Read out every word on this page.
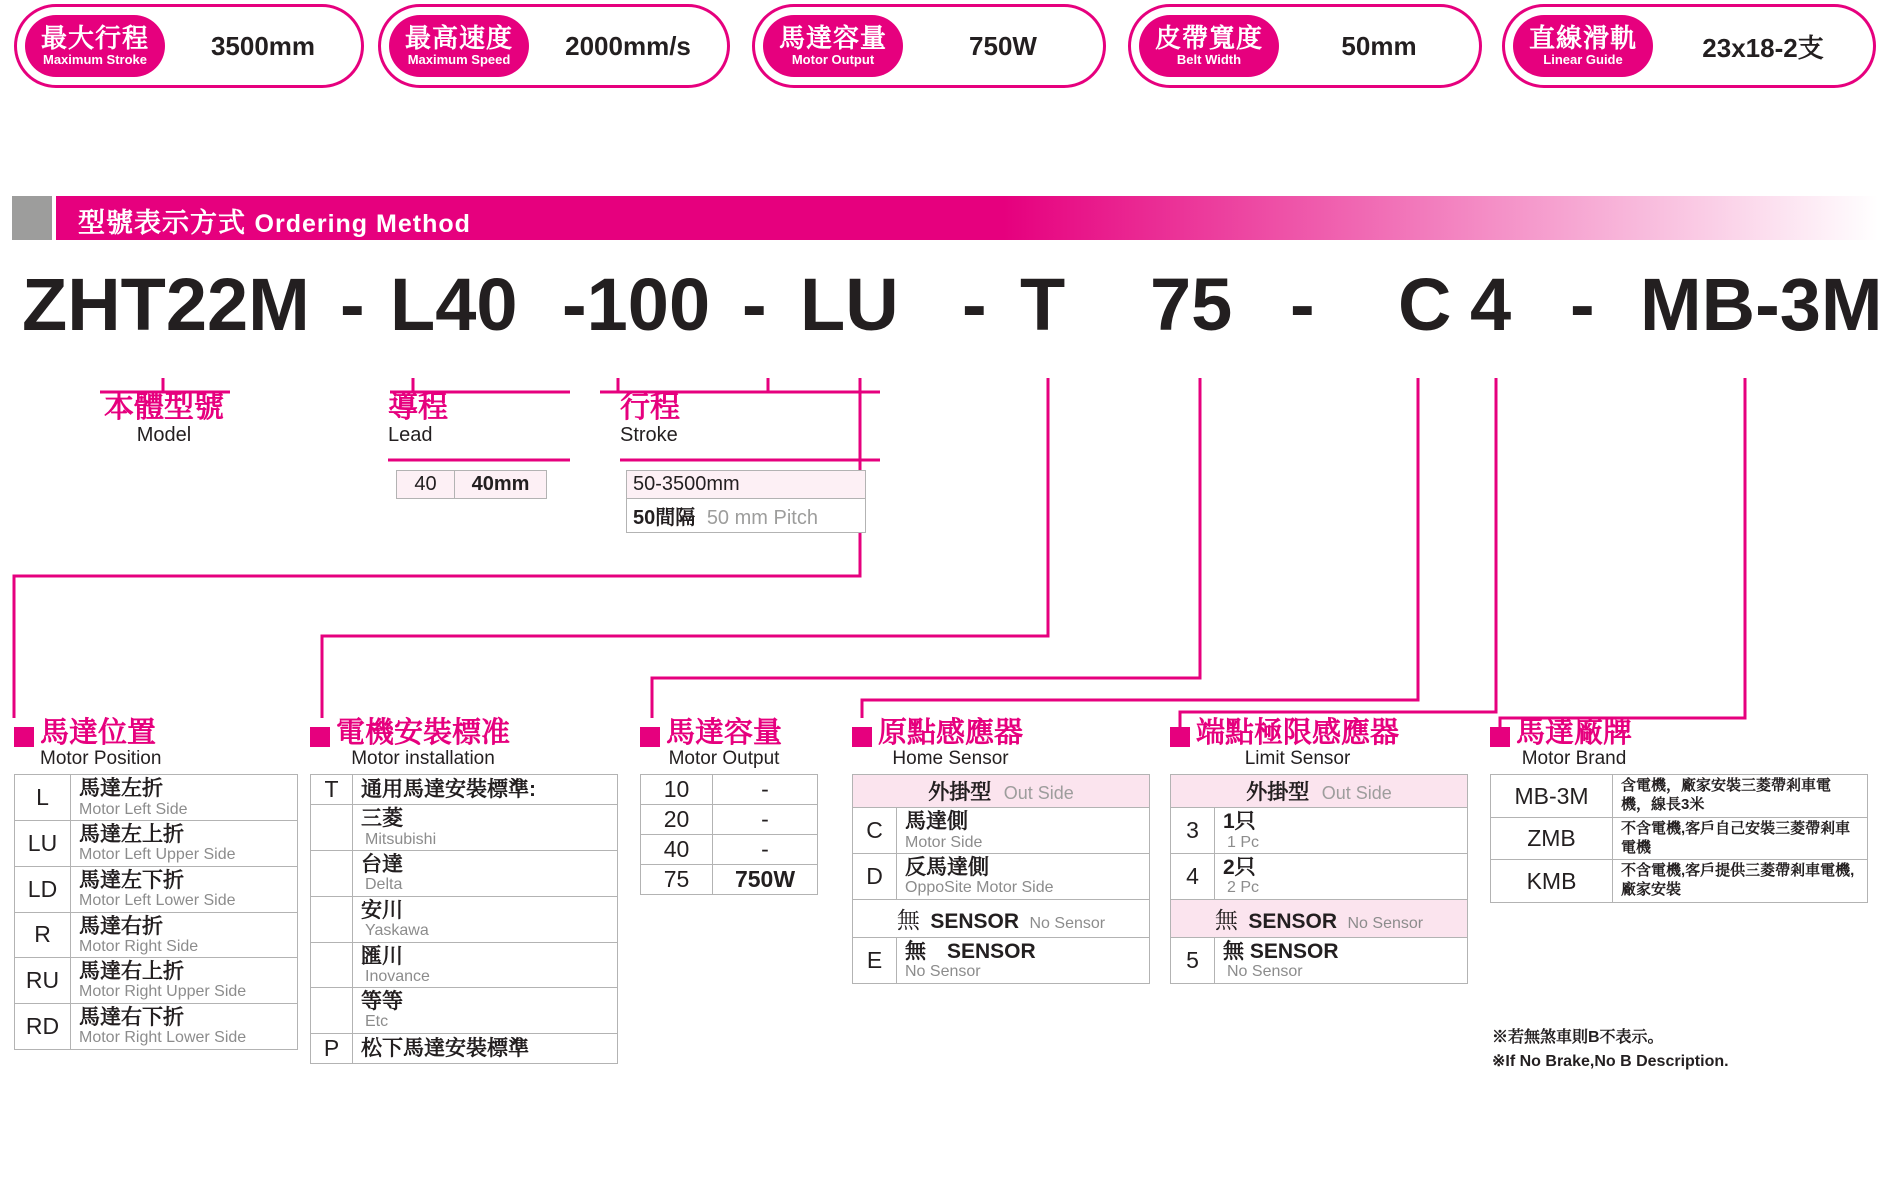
最大行程
Maximum Stroke	3500mm	最高速度
Maximum Speed	2000mm/s	馬達容量
Motor Output	750W	皮帶寬度
Belt Width	50mm	直線滑軌
Linear Guide	23x18-2支
型號表示方式 Ordering Method
ZHT22M - L40 -100 - LU - T 75 - C 4 - MB-3M
本體型號
Model
導程
Lead
40	40mm
行程
Stroke
50-3500mm
50間隔 50 mm Pitch
馬達位置
Motor Position
L	馬達左折
Motor Left Side

LU	馬達左上折
Motor Left Upper Side

LD	馬達左下折
Motor Left Lower Side

R	馬達右折
Motor Right Side

RU	馬達右上折
Motor Right Upper Side

RD	馬達右下折
Motor Right Lower Side
電機安裝標准
Motor installation
T	通用馬達安裝標準:

	三菱
Mitsubishi

	台達
Delta

	安川
Yaskawa

	匯川
Inovance

	等等
Etc

P	松下馬達安裝標準
馬達容量
Motor Output
10	-
20	-
40	-
75	750W
原點感應器
Home Sensor
外掛型 Out Side	
C	馬達側
Motor Side

D	反馬達側
OppoSite Motor Side

無 SENSOR No Sensor	
E	無　SENSOR
No Sensor
端點極限感應器
Limit Sensor
外掛型 Out Side	
3	1只
1 Pc

4	2只
2 Pc

無 SENSOR No Sensor	
5	無 SENSOR
No Sensor
馬達廠牌
Motor Brand
MB-3M	含電機，廠家安裝三菱帶剎車電機，線長3米
ZMB	不含電機,客戶自己安裝三菱帶剎車電機
KMB	不含電機,客戶提供三菱帶剎車電機,廠家安裝
※若無煞車則B不表示。
※If No Brake,No B Description.
